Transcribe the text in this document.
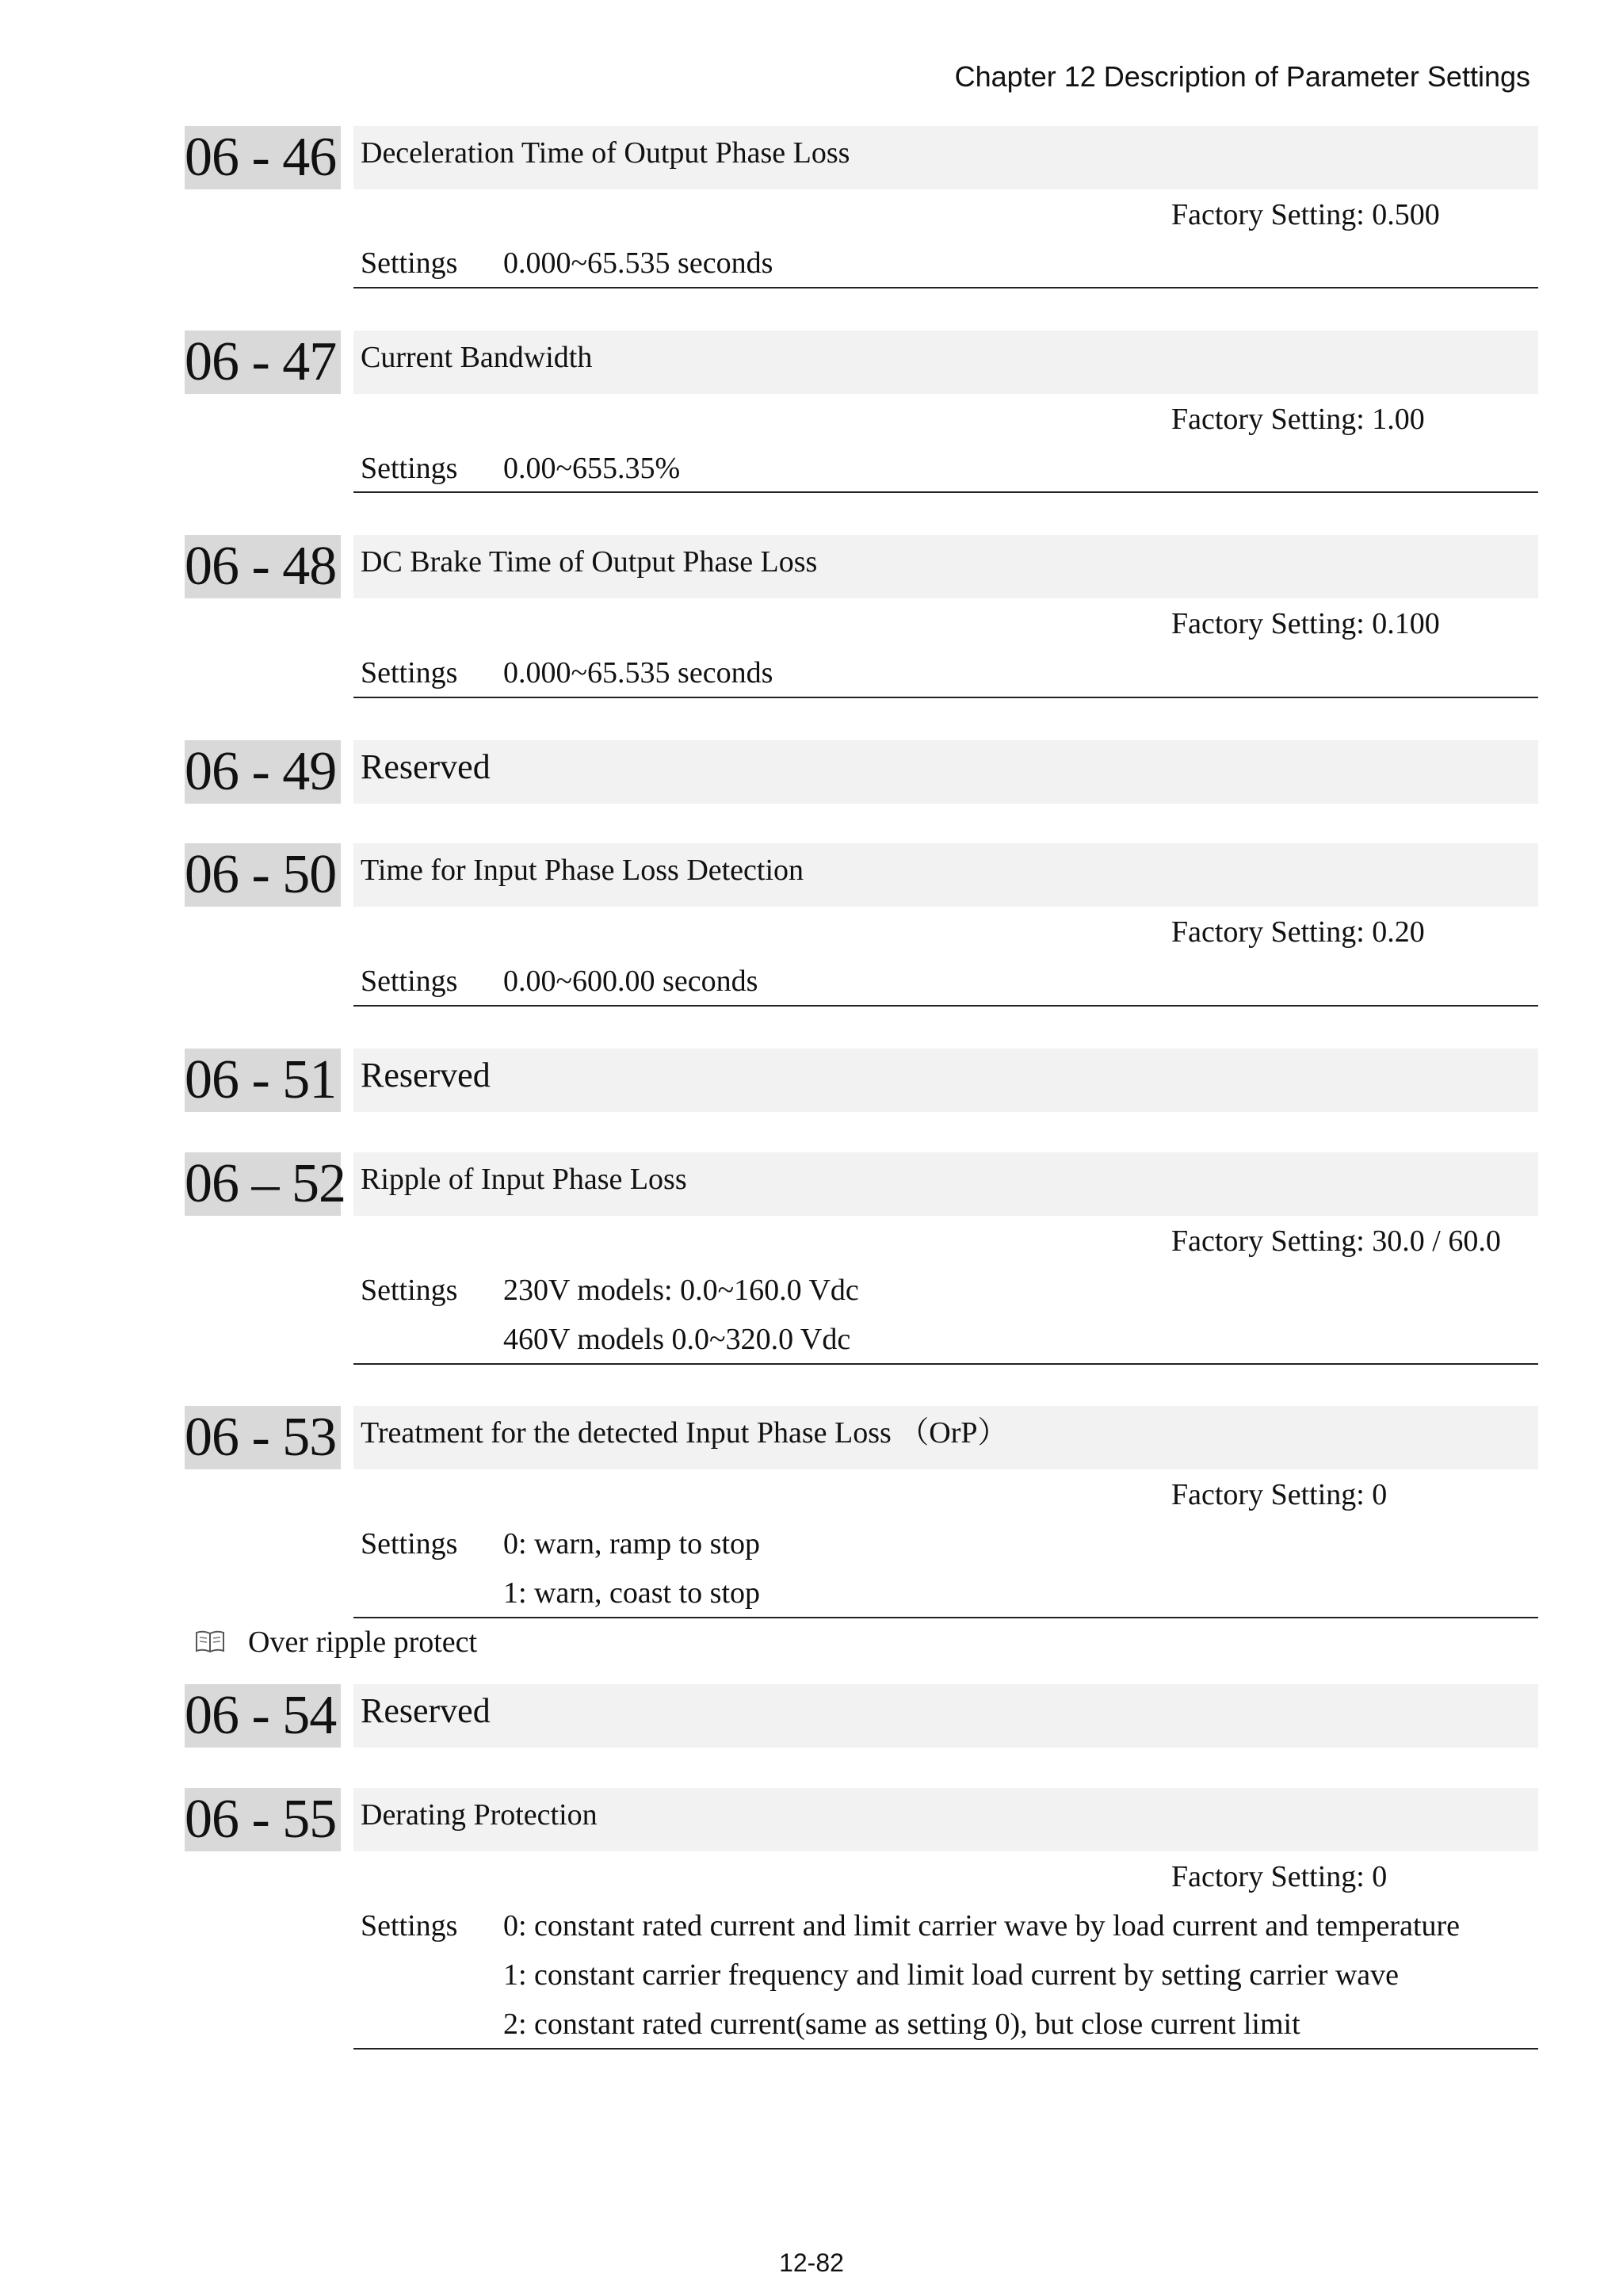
Chapter 12 Description of Parameter Settings
06 - 46 Deceleration Time of Output Phase Loss
Factory Setting: 0.500
Settings 0.000~65.535 seconds
06 - 47 Current Bandwidth
Factory Setting: 1.00
Settings 0.00~655.35%
06 - 48 DC Brake Time of Output Phase Loss
Factory Setting: 0.100
Settings 0.000~65.535 seconds
06 - 49 Reserved
06 - 50 Time for Input Phase Loss Detection
Factory Setting: 0.20
Settings 0.00~600.00 seconds
06 - 51 Reserved
06 – 52 Ripple of Input Phase Loss
Factory Setting: 30.0 / 60.0
Settings 230V models: 0.0~160.0 Vdc
460V models 0.0~320.0 Vdc
06 - 53 Treatment for the detected Input Phase Loss （OrP）
Factory Setting: 0
Settings 0: warn, ramp to stop
1: warn, coast to stop
Over ripple protect
06 - 54 Reserved
06 - 55 Derating Protection
Factory Setting: 0
Settings 0: constant rated current and limit carrier wave by load current and temperature
1: constant carrier frequency and limit load current by setting carrier wave
2: constant rated current(same as setting 0), but close current limit
12-82
